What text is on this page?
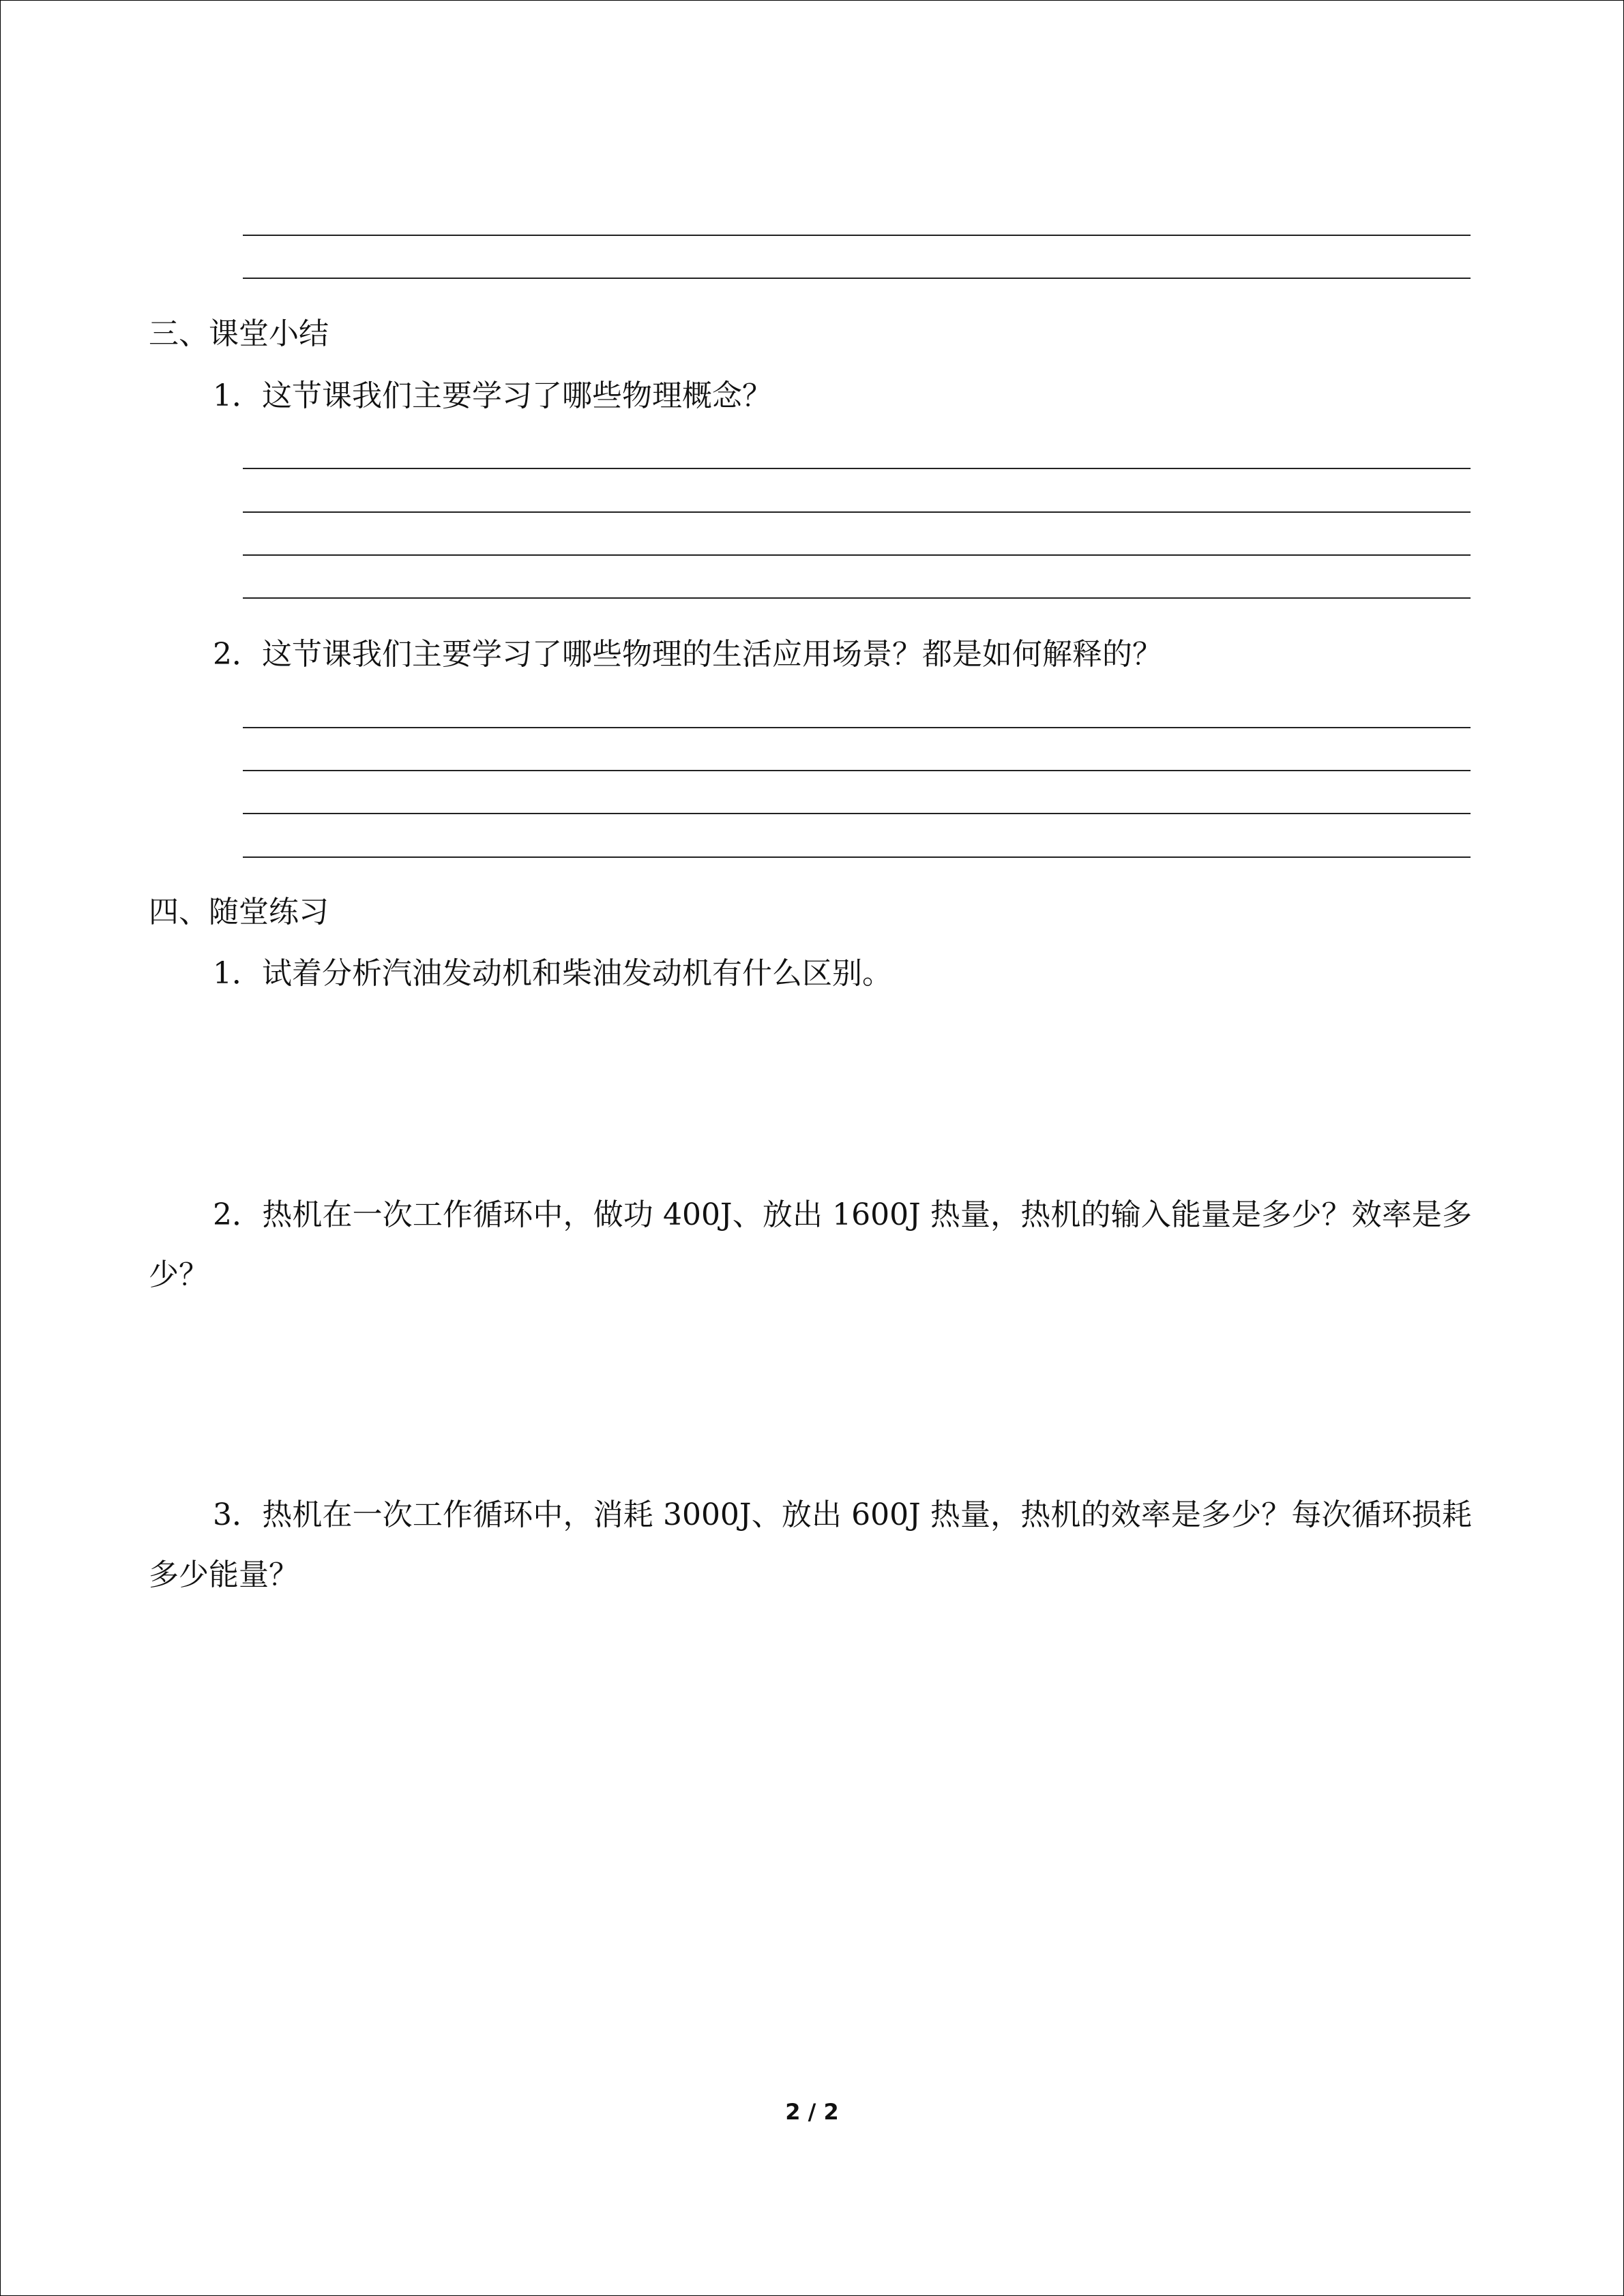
三、课堂小结
1．这节课我们主要学习了哪些物理概念？
2．这节课我们主要学习了哪些物理的生活应用场景？都是如何解释的？
四、随堂练习
1．试着分析汽油发动机和柴油发动机有什么区别。
2．热机在一次工作循环中，做功 400J、放出 1600J 热量，热机的输入能量是多少？效率是多少？
3．热机在一次工作循环中，消耗 3000J、放出 600J 热量，热机的效率是多少？每次循环损耗多少能量？
2 / 2
